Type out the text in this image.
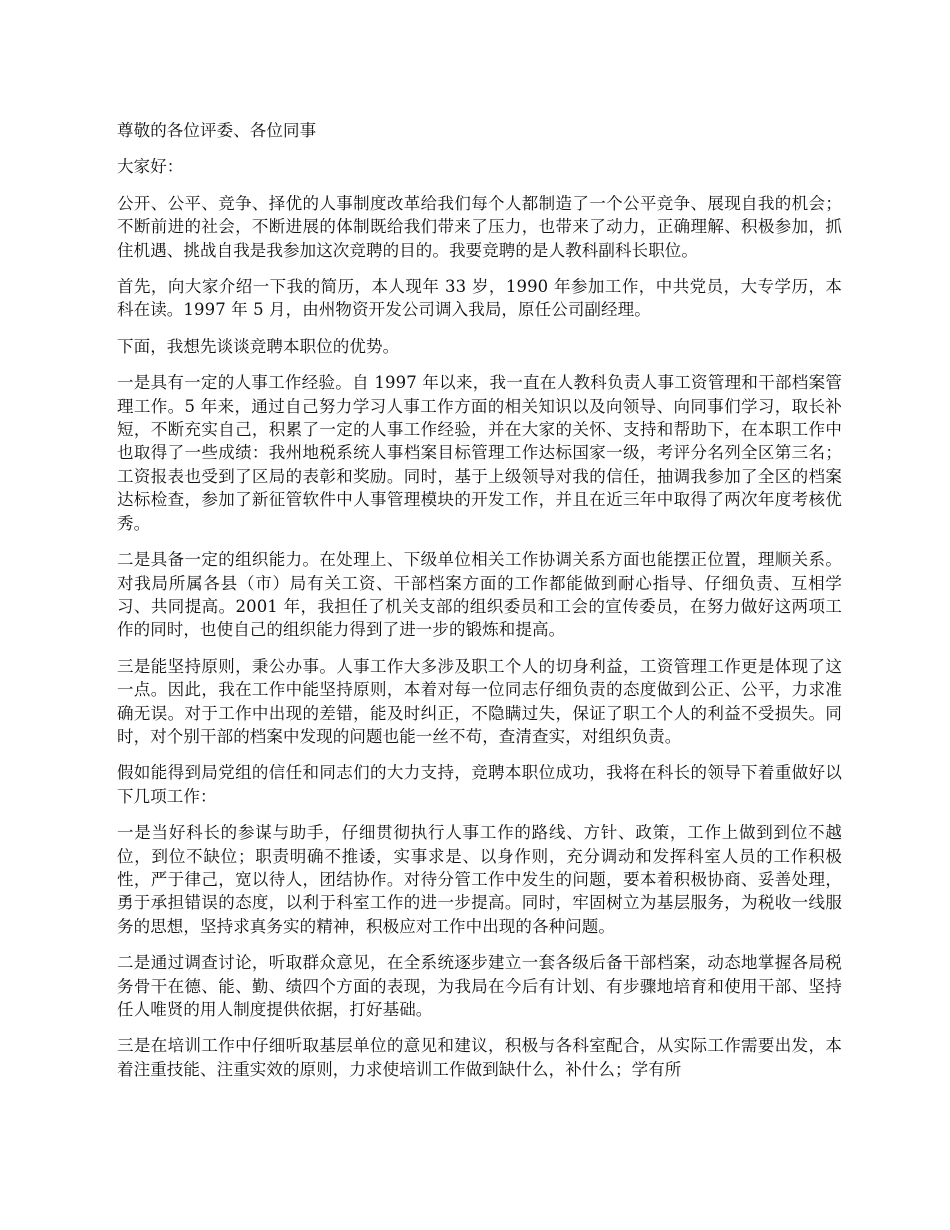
尊敬的各位评委、各位同事

大家好：

公开、公平、竞争、择优的人事制度改革给我们每个人都制造了一个公平竞争、展现自我的机会；不断前进的社会，不断进展的体制既给我们带来了压力，也带来了动力，正确理解、积极参加，抓住机遇、挑战自我是我参加这次竞聘的目的。我要竞聘的是人教科副科长职位。

首先，向大家介绍一下我的简历，本人现年 33 岁，1990 年参加工作，中共党员，大专学历，本科在读。1997 年 5 月，由州物资开发公司调入我局，原任公司副经理。

下面，我想先谈谈竞聘本职位的优势。

一是具有一定的人事工作经验。自 1997 年以来，我一直在人教科负责人事工资管理和干部档案管理工作。5 年来，通过自己努力学习人事工作方面的相关知识以及向领导、向同事们学习，取长补短，不断充实自己，积累了一定的人事工作经验，并在大家的关怀、支持和帮助下，在本职工作中也取得了一些成绩：我州地税系统人事档案目标管理工作达标国家一级，考评分名列全区第三名；工资报表也受到了区局的表彰和奖励。同时，基于上级领导对我的信任，抽调我参加了全区的档案达标检查，参加了新征管软件中人事管理模块的开发工作，并且在近三年中取得了两次年度考核优秀。

二是具备一定的组织能力。在处理上、下级单位相关工作协调关系方面也能摆正位置，理顺关系。对我局所属各县（市）局有关工资、干部档案方面的工作都能做到耐心指导、仔细负责、互相学习、共同提高。2001 年，我担任了机关支部的组织委员和工会的宣传委员，在努力做好这两项工作的同时，也使自己的组织能力得到了进一步的锻炼和提高。

三是能坚持原则，秉公办事。人事工作大多涉及职工个人的切身利益，工资管理工作更是体现了这一点。因此，我在工作中能坚持原则，本着对每一位同志仔细负责的态度做到公正、公平，力求准确无误。对于工作中出现的差错，能及时纠正，不隐瞒过失，保证了职工个人的利益不受损失。同时，对个别干部的档案中发现的问题也能一丝不苟，查清查实，对组织负责。

假如能得到局党组的信任和同志们的大力支持，竞聘本职位成功，我将在科长的领导下着重做好以下几项工作：

一是当好科长的参谋与助手，仔细贯彻执行人事工作的路线、方针、政策，工作上做到到位不越位，到位不缺位；职责明确不推诿，实事求是、以身作则，充分调动和发挥科室人员的工作积极性，严于律己，宽以待人，团结协作。对待分管工作中发生的问题，要本着积极协商、妥善处理，勇于承担错误的态度，以利于科室工作的进一步提高。同时，牢固树立为基层服务，为税收一线服务的思想，坚持求真务实的精神，积极应对工作中出现的各种问题。

二是通过调查讨论，听取群众意见，在全系统逐步建立一套各级后备干部档案，动态地掌握各局税务骨干在德、能、勤、绩四个方面的表现，为我局在今后有计划、有步骤地培育和使用干部、坚持任人唯贤的用人制度提供依据，打好基础。

三是在培训工作中仔细听取基层单位的意见和建议，积极与各科室配合，从实际工作需要出发，本着注重技能、注重实效的原则，力求使培训工作做到缺什么，补什么；学有所
